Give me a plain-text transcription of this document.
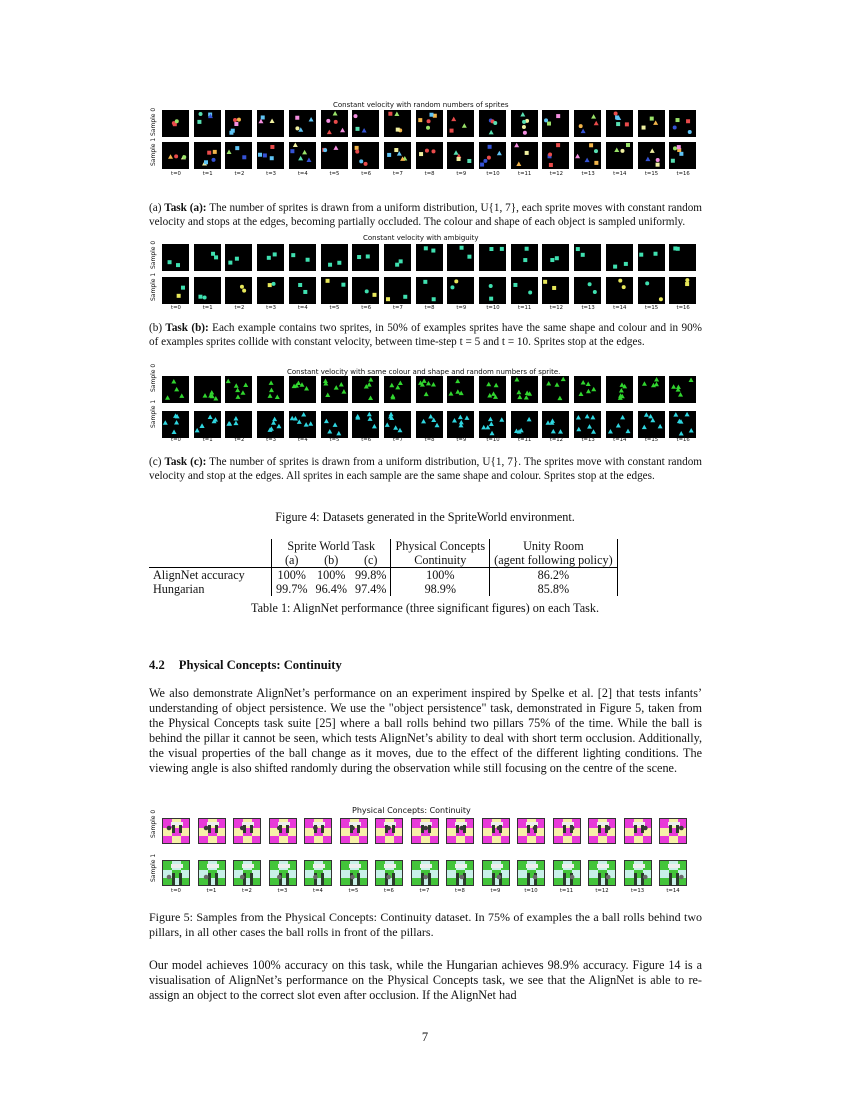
Constant velocity with random numbers of sprites
Sample 0
Sample 1
t=0	t=1	t=2	t=3	t=4	t=5	t=6	t=7	t=8	t=9	t=10	t=11	t=12	t=13	t=14	t=15	t=16
(a) Task (a): The number of sprites is drawn from a uniform distribution, U{1, 7}, each sprite moves with constant random velocity and stops at the edges, becoming partially occluded. The colour and shape of each object is sampled uniformly.
Constant velocity with ambiguity
Sample 0
Sample 1
t=0	t=1	t=2	t=3	t=4	t=5	t=6	t=7	t=8	t=9	t=10	t=11	t=12	t=13	t=14	t=15	t=16
(b) Task (b): Each example contains two sprites, in 50% of examples sprites have the same shape and colour and in 90% of examples sprites collide with constant velocity, between time-step t = 5 and t = 10. Sprites stop at the edges.
Constant velocity with same colour and shape and random numbers of sprite.
Sample 0
Sample 1
t=0	t=1	t=2	t=3	t=4	t=5	t=6	t=7	t=8	t=9	t=10	t=11	t=12	t=13	t=14	t=15	t=16
(c) Task (c): The number of sprites is drawn from a uniform distribution, U{1, 7}. The sprites move with constant random velocity and stop at the edges. All sprites in each sample are the same shape and colour. Sprites stop at the edges.
Figure 4: Datasets generated in the SpriteWorld environment.
	Sprite World Task			Physical Concepts	Unity Room
	(a)	(b)	(c)	Continuity	(agent following policy)
AlignNet accuracy	100%	100%	99.8%	100%	86.2%
Hungarian	99.7%	96.4%	97.4%	98.9%	85.8%
Table 1: AlignNet performance (three significant figures) on each Task.
4.2 Physical Concepts: Continuity
We also demonstrate AlignNet’s performance on an experiment inspired by Spelke et al. [2] that tests infants’ understanding of object persistence. We use the "object persistence" task, demonstrated in Figure 5, taken from the Physical Concepts task suite [25] where a ball rolls behind two pillars 75% of the time. While the ball is behind the pillar it cannot be seen, which tests AlignNet’s ability to deal with short term occlusion. Additionally, the visual properties of the ball change as it moves, due to the effect of the different lighting conditions. The viewing angle is also shifted randomly during the observation while still focusing on the centre of the scene.
Physical Concepts: Continuity
Sample 0
Sample 1
t=0	t=1	t=2	t=3	t=4	t=5	t=6	t=7	t=8	t=9	t=10	t=11	t=12	t=13	t=14
Figure 5: Samples from the Physical Concepts: Continuity dataset. In 75% of examples the a ball rolls behind two pillars, in all other cases the ball rolls in front of the pillars.
Our model achieves 100% accuracy on this task, while the Hungarian achieves 98.9% accuracy. Figure 14 is a visualisation of AlignNet’s performance on the Physical Concepts task, we see that the AlignNet is able to re-assign an object to the correct slot even after occlusion. If the AlignNet had
7
